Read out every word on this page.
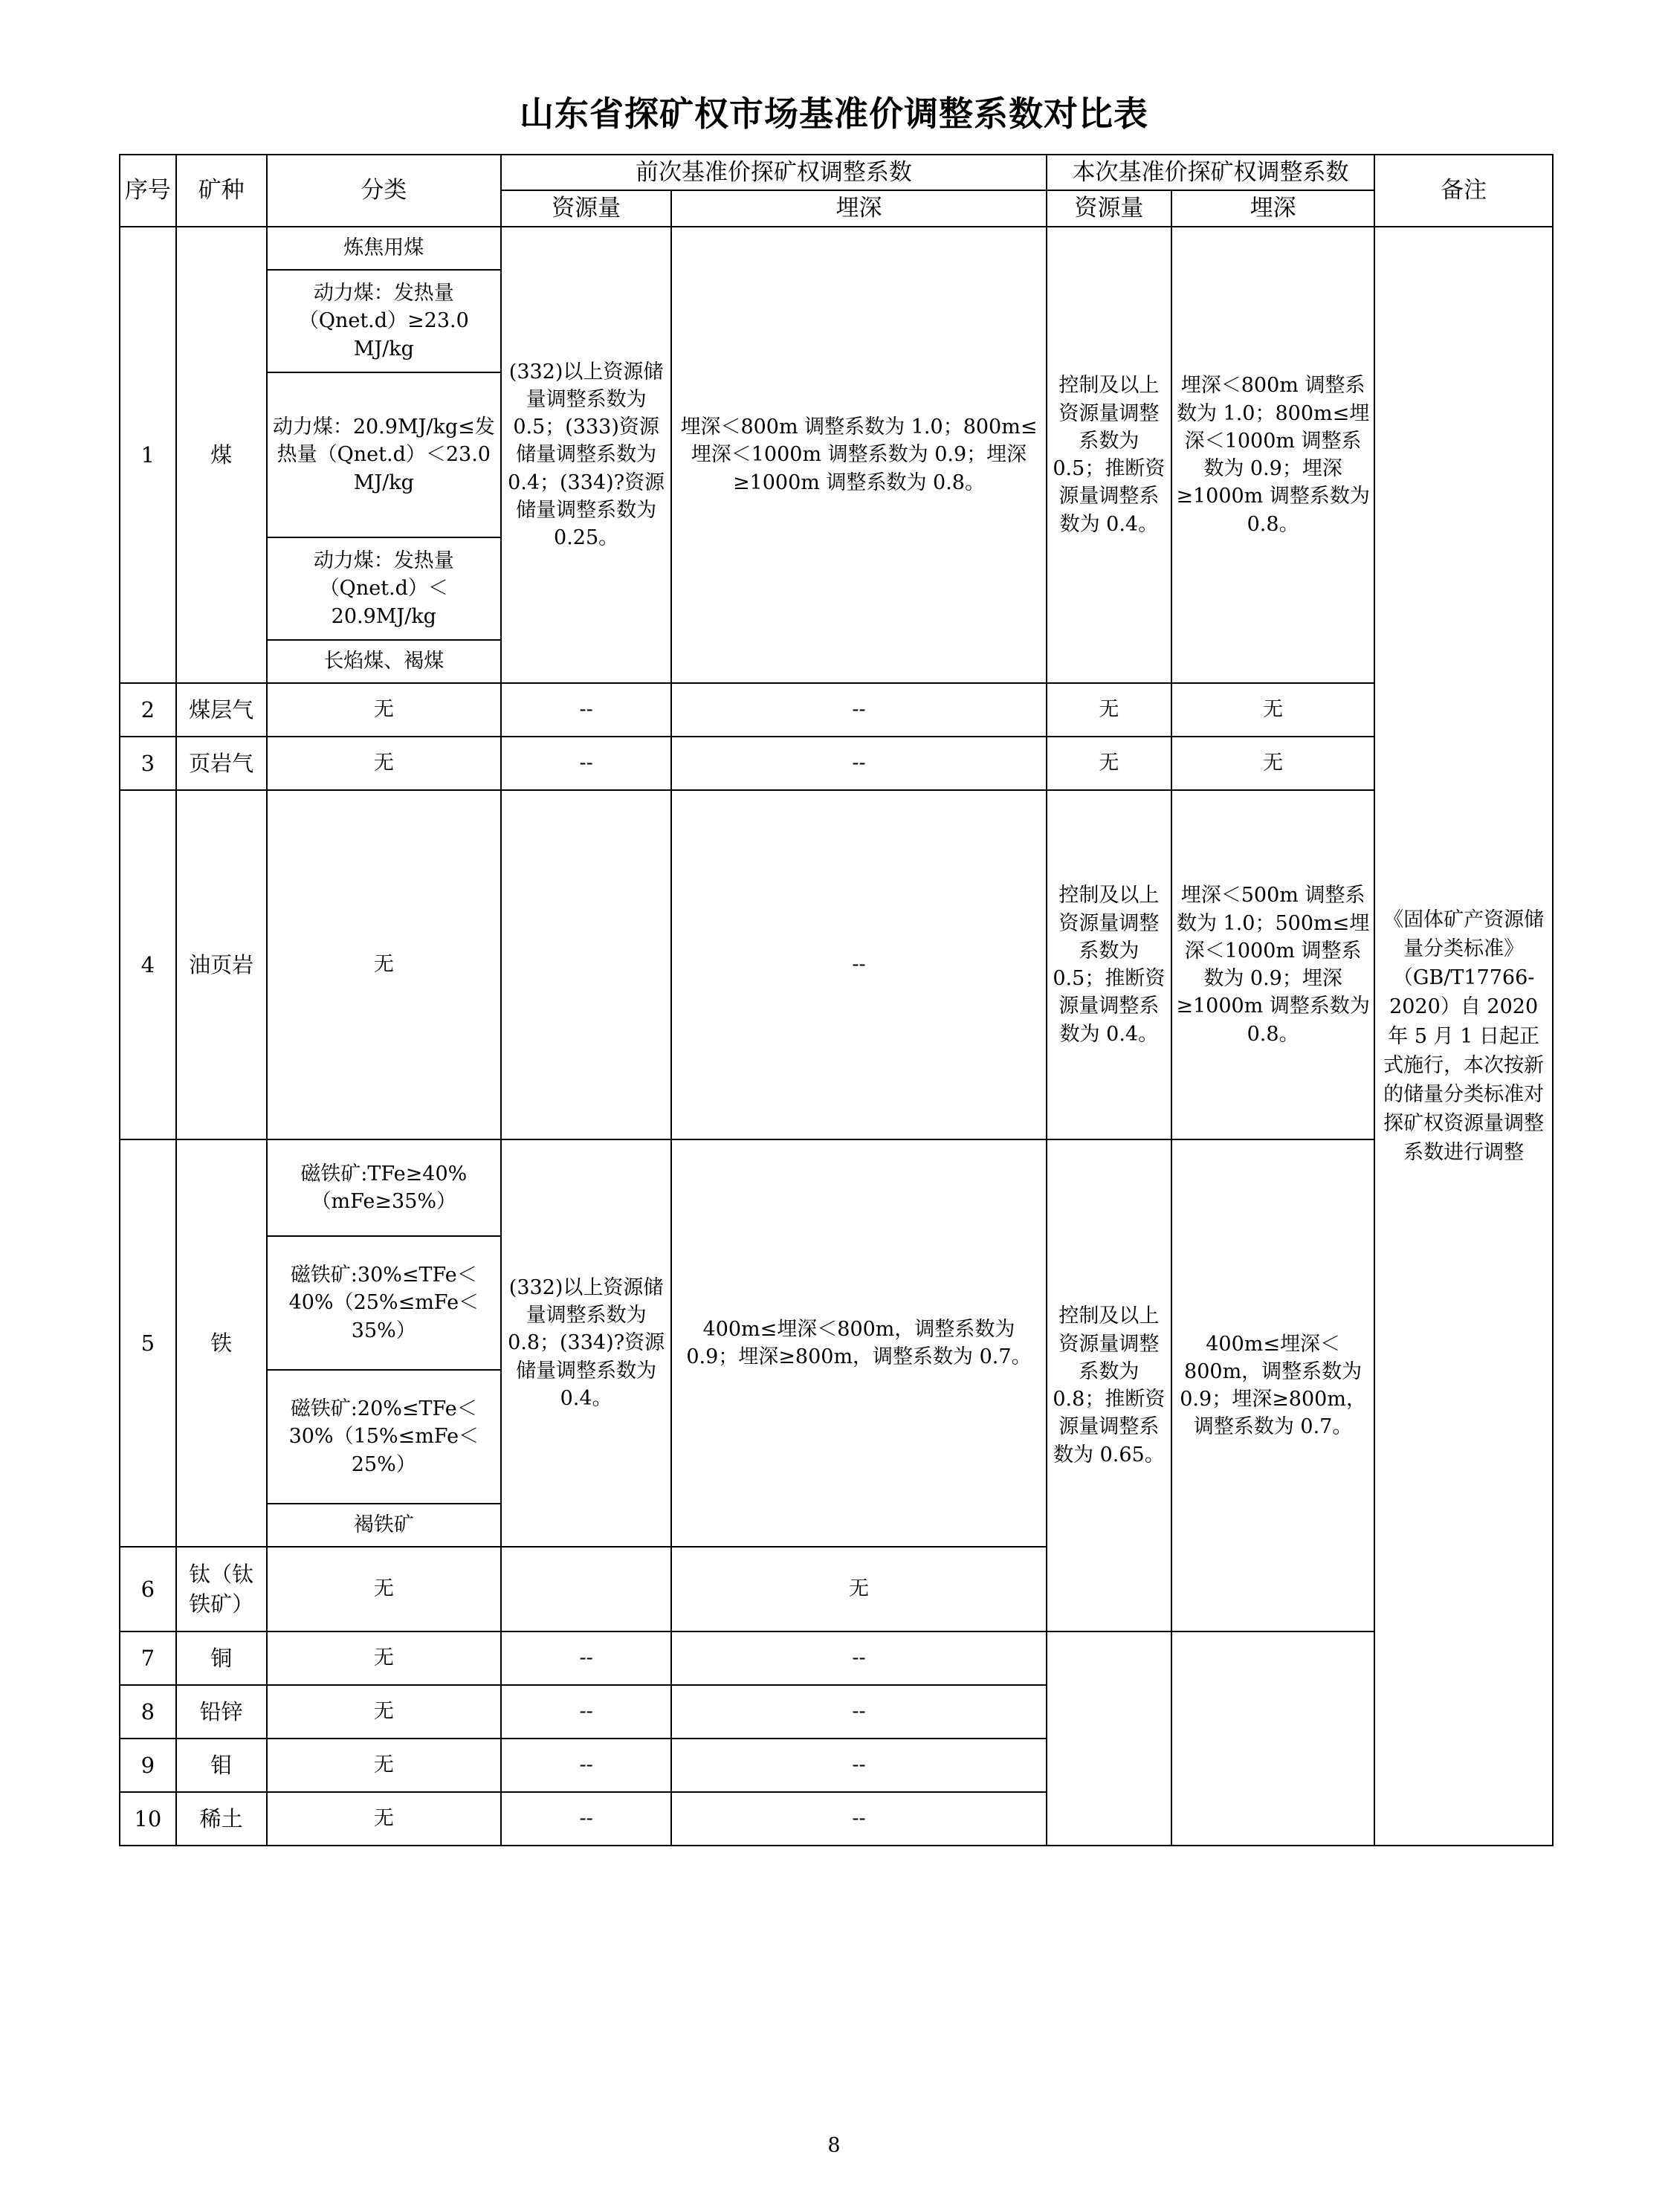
山东省探矿权市场基准价调整系数对比表
序号	矿种	分类	前次基准价探矿权调整系数		本次基准价探矿权调整系数		备注
			资源量	埋深	资源量	埋深	
1	煤	炼焦用煤	(332)以上资源储量调整系数为 0.5；(333)资源储量调整系数为 0.4；(334)?资源储量调整系数为 0.25。	埋深＜800m 调整系数为 1.0；800m≤埋深＜1000m 调整系数为 0.9；埋深≥1000m 调整系数为 0.8。	控制及以上资源量调整系数为 0.5；推断资源量调整系数为 0.4。	埋深＜800m 调整系数为 1.0；800m≤埋深＜1000m 调整系数为 0.9；埋深≥1000m 调整系数为 0.8。	《固体矿产资源储量分类标准》（GB/T17766-2020）自 2020 年 5 月 1 日起正式施行，本次按新的储量分类标准对探矿权资源量调整系数进行调整
		动力煤：发热量（Qnet.d）≥23.0 MJ/kg					
		动力煤：20.9MJ/kg≤发热量（Qnet.d）＜23.0 MJ/kg					
		动力煤：发热量（Qnet.d）＜20.9MJ/kg					
		长焰煤、褐煤					
2	煤层气	无	--	--	无	无	
3	页岩气	无	--	--	无	无	
4	油页岩	无		--	控制及以上资源量调整系数为 0.5；推断资源量调整系数为 0.4。	埋深＜500m 调整系数为 1.0；500m≤埋深＜1000m 调整系数为 0.9；埋深≥1000m 调整系数为 0.8。	
5	铁	磁铁矿:TFe≥40%（mFe≥35%）	(332)以上资源储量调整系数为 0.8；(334)?资源储量调整系数为 0.4。	400m≤埋深＜800m，调整系数为 0.9；埋深≥800m，调整系数为 0.7。	控制及以上资源量调整系数为 0.8；推断资源量调整系数为 0.65。	400m≤埋深＜800m，调整系数为 0.9；埋深≥800m，调整系数为 0.7。	
		磁铁矿:30%≤TFe＜40%（25%≤mFe＜35%）					
		磁铁矿:20%≤TFe＜30%（15%≤mFe＜25%）					
		褐铁矿					
6	钛（钛铁矿）	无		无			
7	铜	无	--	--			
8	铅锌	无	--	--			
9	钼	无	--	--			
10	稀土	无	--	--			
8
